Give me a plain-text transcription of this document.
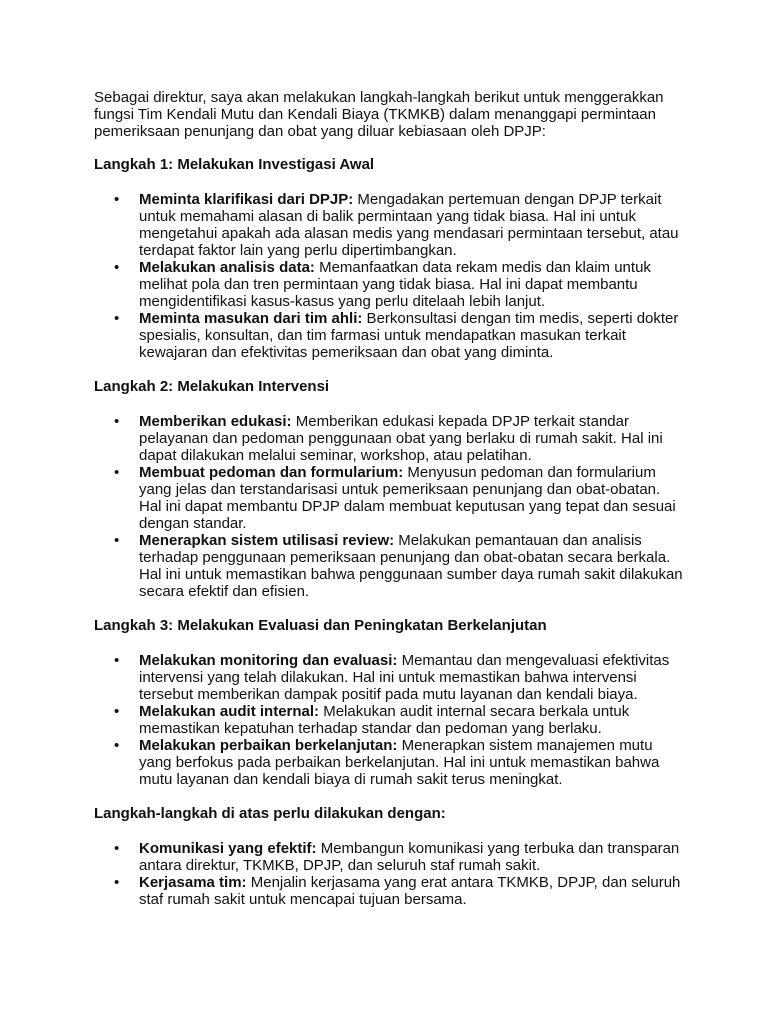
Sebagai direktur, saya akan melakukan langkah-langkah berikut untuk menggerakkan fungsi Tim Kendali Mutu dan Kendali Biaya (TKMKB) dalam menanggapi permintaan pemeriksaan penunjang dan obat yang diluar kebiasaan oleh DPJP:

Langkah 1: Melakukan Investigasi Awal
• Meminta klarifikasi dari DPJP: Mengadakan pertemuan dengan DPJP terkait untuk memahami alasan di balik permintaan yang tidak biasa. Hal ini untuk mengetahui apakah ada alasan medis yang mendasari permintaan tersebut, atau terdapat faktor lain yang perlu dipertimbangkan.
• Melakukan analisis data: Memanfaatkan data rekam medis dan klaim untuk melihat pola dan tren permintaan yang tidak biasa. Hal ini dapat membantu mengidentifikasi kasus-kasus yang perlu ditelaah lebih lanjut.
• Meminta masukan dari tim ahli: Berkonsultasi dengan tim medis, seperti dokter spesialis, konsultan, dan tim farmasi untuk mendapatkan masukan terkait kewajaran dan efektivitas pemeriksaan dan obat yang diminta.
Langkah 2: Melakukan Intervensi
• Memberikan edukasi: Memberikan edukasi kepada DPJP terkait standar pelayanan dan pedoman penggunaan obat yang berlaku di rumah sakit. Hal ini dapat dilakukan melalui seminar, workshop, atau pelatihan.
• Membuat pedoman dan formularium: Menyusun pedoman dan formularium yang jelas dan terstandarisasi untuk pemeriksaan penunjang dan obat-obatan. Hal ini dapat membantu DPJP dalam membuat keputusan yang tepat dan sesuai dengan standar.
• Menerapkan sistem utilisasi review: Melakukan pemantauan dan analisis terhadap penggunaan pemeriksaan penunjang dan obat-obatan secara berkala. Hal ini untuk memastikan bahwa penggunaan sumber daya rumah sakit dilakukan secara efektif dan efisien.
Langkah 3: Melakukan Evaluasi dan Peningkatan Berkelanjutan
• Melakukan monitoring dan evaluasi: Memantau dan mengevaluasi efektivitas intervensi yang telah dilakukan. Hal ini untuk memastikan bahwa intervensi tersebut memberikan dampak positif pada mutu layanan dan kendali biaya.
• Melakukan audit internal: Melakukan audit internal secara berkala untuk memastikan kepatuhan terhadap standar dan pedoman yang berlaku.
• Melakukan perbaikan berkelanjutan: Menerapkan sistem manajemen mutu yang berfokus pada perbaikan berkelanjutan. Hal ini untuk memastikan bahwa mutu layanan dan kendali biaya di rumah sakit terus meningkat.
Langkah-langkah di atas perlu dilakukan dengan:
• Komunikasi yang efektif: Membangun komunikasi yang terbuka dan transparan antara direktur, TKMKB, DPJP, dan seluruh staf rumah sakit.
• Kerjasama tim: Menjalin kerjasama yang erat antara TKMKB, DPJP, dan seluruh staf rumah sakit untuk mencapai tujuan bersama.
